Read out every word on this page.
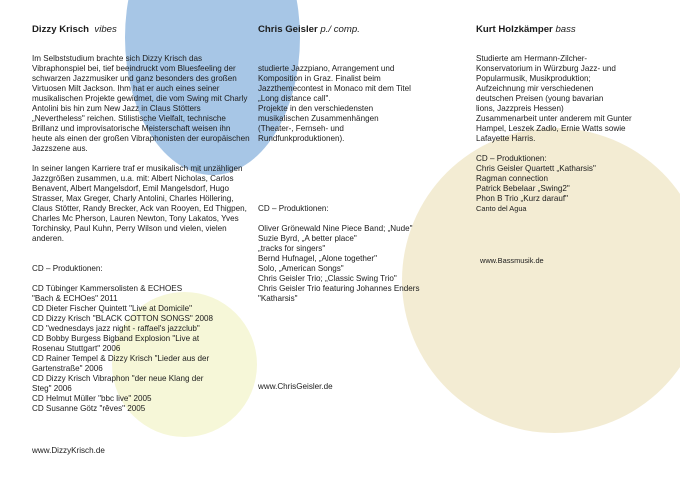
Dizzy Krisch vibes

Im Selbststudium brachte sich Dizzy Krisch das Vibraphonspiel bei, tief beeindruckt vom Bluesfeeling der schwarzen Jazzmusiker und ganz besonders des großen Virtuosen Milt Jackson. Ihm hat er auch eines seiner musikalischen Projekte gewidmet, die vom Swing mit Charly Antolini bis hin zum New Jazz in Claus Stötters „Nevertheless" reichen. Stilistische Vielfalt, technische Brillanz und improvisatorische Meisterschaft weisen ihn heute als einen der großen Vibraphonisten der europäischen Jazzszene aus.

In seiner langen Karriere traf er musikalisch mit unzähligen Jazzgrößen zusammen, u.a. mit: Albert Nicholas, Carlos Benavent, Albert Mangelsdorf, Emil Mangelsdorf, Hugo Strasser, Max Greger, Charly Antolini, Charles Höllering, Claus Stötter, Randy Brecker, Ack van Rooyen, Ed Thigpen, Charles Mc Pherson, Lauren Newton, Tony Lakatos, Yves Torchinsky, Paul Kuhn, Perry Wilson und vielen, vielen anderen.

CD – Produktionen:

CD Tübinger Kammersolisten & ECHOES
"Bach & ECHOes" 2011
CD Dieter Fischer Quintett "Live at Domicile"
CD Dizzy Krisch "BLACK COTTON SONGS" 2008
CD "wednesdays jazz night - raffael's jazzclub"
CD Bobby Burgess Bigband Explosion "Live at
Rosenau Stuttgart" 2006
CD Rainer Tempel & Dizzy Krisch "Lieder aus der
Gartenstraße" 2006
CD Dizzy Krisch Vibraphon "der neue Klang der
Steg" 2006
CD Helmut Müller "bbc live" 2005
CD Susanne Götz "rêves" 2005
www.DizzyKrisch.de
Chris Geisler p./ comp.
studierte Jazzpiano, Arrangement und
Komposition in Graz. Finalist beim
Jazzthemecontest in Monaco mit dem Titel
„Long distance call".
Projekte in den verschiedensten
musikalischen Zusammenhängen
(Theater-, Fernseh- und
Rundfunkproduktionen).

CD – Produktionen:

Oliver Grönewald Nine Piece Band; „Nude"
Suzie Byrd, „A better place"
„tracks for singers"
Bernd Hufnagel, „Alone together"
Solo, „American Songs"
Chris Geisler Trio; „Classic Swing Trio"
Chris Geisler Trio featuring Johannes Enders
"Katharsis"
www.ChrisGeisler.de
Kurt Holzkämper bass
Studierte am Hermann-Zilcher-
Konservatorium in Würzburg Jazz- und
Popularmusik, Musikproduktion;
Aufzeichnung mir verschiedenen
deutschen Preisen (young bavarian
lions, Jazzpreis Hessen)
Zusammenarbeit unter anderem mit Gunter
Hampel, Leszek Zadlo, Ernie Watts sowie
Lafayette Harris.

CD – Produktionen:

Chris Geisler Quartett „Katharsis"
Ragman connection
Patrick Bebelaar „Swing2"
Phon B Trio „Kurz darauf"
Canto del Agua
www.Bassmusik.de
